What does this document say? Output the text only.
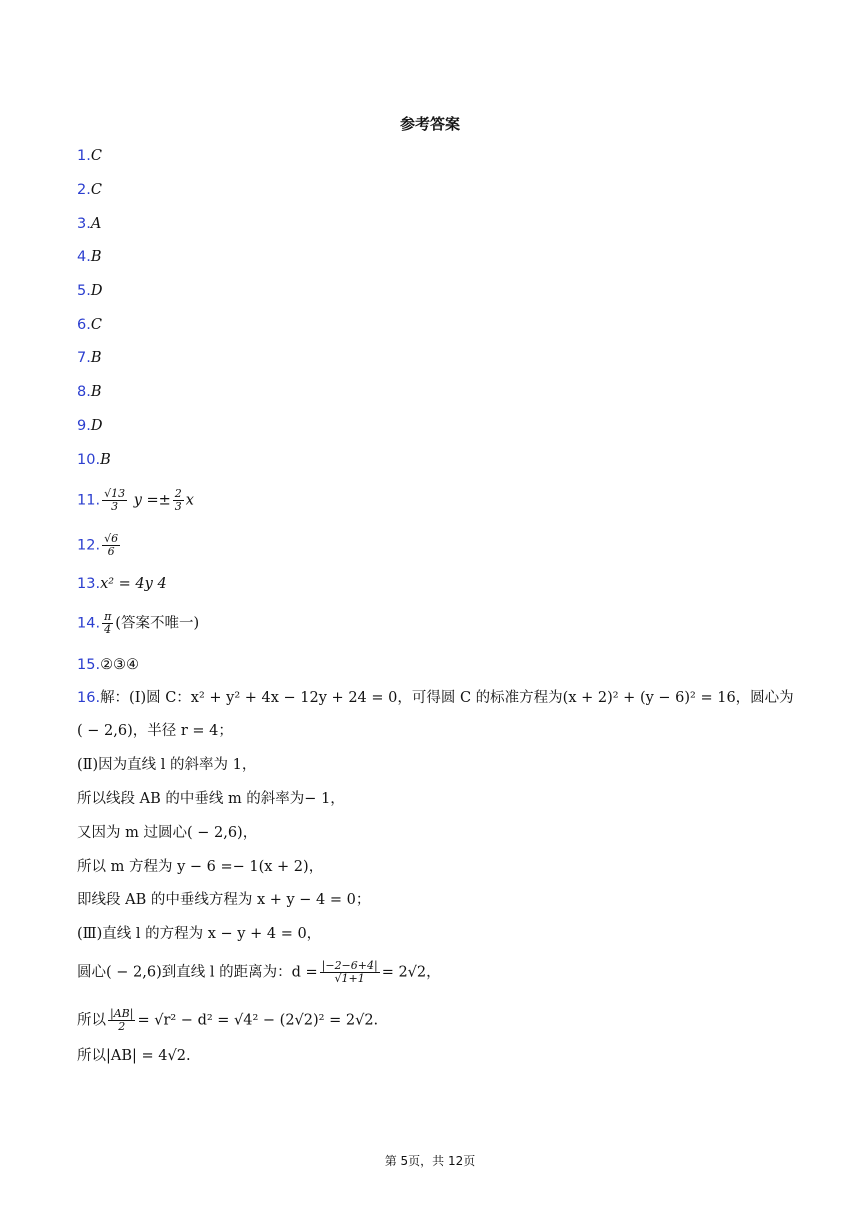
参考答案
1.C
2.C
3.A
4.B
5.D
6.C
7.B
8.B
9.D
10.B
11. $\frac{√13}{3}$ $y =\pm \frac{2}{3}$ x
12. $\frac{√6}{6}$
13.x² = 4y 4
14. $\frac{\pi}{4}$ (答案不唯一)
15.②③④
16.解：(Ⅰ)圆 C：x² + y² + 4x − 12y + 24 = 0，可得圆 C 的标准方程为(x + 2)² + (y − 6)² = 16，圆心为
( − 2,6)，半径 r = 4；
(Ⅱ)因为直线 l 的斜率为 1，
所以线段 AB 的中垂线 m 的斜率为− 1，
又因为 m 过圆心( − 2,6)，
所以 m 方程为 y − 6 =− 1(x + 2)，
即线段 AB 的中垂线方程为 x + y − 4 = 0；
(Ⅲ)直线 l 的方程为 x − y + 4 = 0，
圆心( − 2,6)到直线 l 的距离为：$d = \frac{|-2-6+4|}{√1+1} = 2√2$，
所以 $\frac{|AB|}{2} = √r^2 - d^2 = √4^2 - (2√2)^2 = 2√2$.
所以|AB| = 4√2.
第 5页，共 12页
